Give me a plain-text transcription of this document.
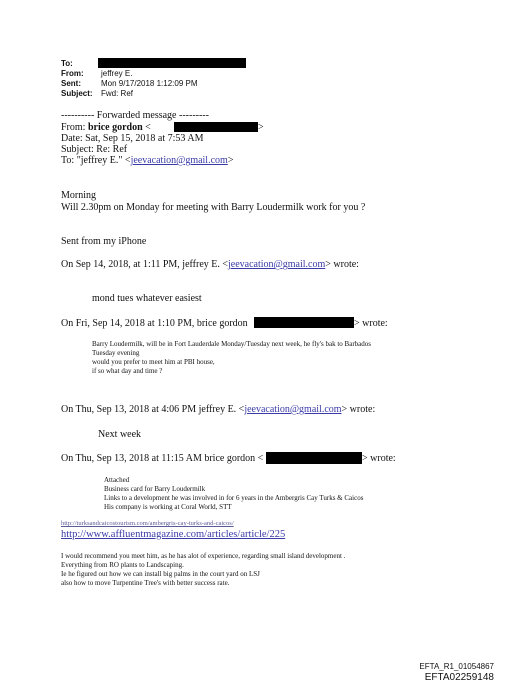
To:
From: jeffrey E.
Sent:	Mon 9/17/2018 1:12:09 PM
Subject: Fwd: Ref
---------- Forwarded message ---------
From: brice gordon <	>
Date: Sat, Sep 15, 2018 at 7:53 AM
Subject: Re: Ref
To: "jeffrey E." <jeevacation@gmail.com>
Morning
Will 2.30pm on Monday for meeting with Barry Loudermilk work for you ?
Sent from my iPhone
On Sep 14, 2018, at 1:11 PM, jeffrey E. <jeevacation@gmail.com> wrote:
mond tues whatever easiest
On Fri, Sep 14, 2018 at 1:10 PM, brice gordon	> wrote:
Barry Loudermilk, will be in Fort Lauderdale Monday/Tuesday next week, he fly's bak to Barbados
Tuesday evening
would you prefer to meet him at PBI house,
if so what day and time ?
On Thu, Sep 13, 2018 at 4:06 PM jeffrey E. <jeevacation@gmail.com> wrote:
Next week
On Thu, Sep 13, 2018 at 11:15 AM brice gordon <	> wrote:
Attached
Business card for Barry Loudermilk
Links to a development he was involved in for 6 years in the Ambergris Cay Turks & Caicos
His company is working at Coral World, STT
http://turksandcaicostourism.com/ambergris-cay-turks-and-caicos/
http://www.affluentmagazine.com/articles/article/225
I would recommend you meet him, as he has alot of experience, regarding small island development .
Everything from RO plants to Landscaping.
Ie he figured out how we can install big palms in the court yard on LSJ
also how to move Turpentine Tree's with better success rate.
EFTA_R1_01054867
EFTA02259148
